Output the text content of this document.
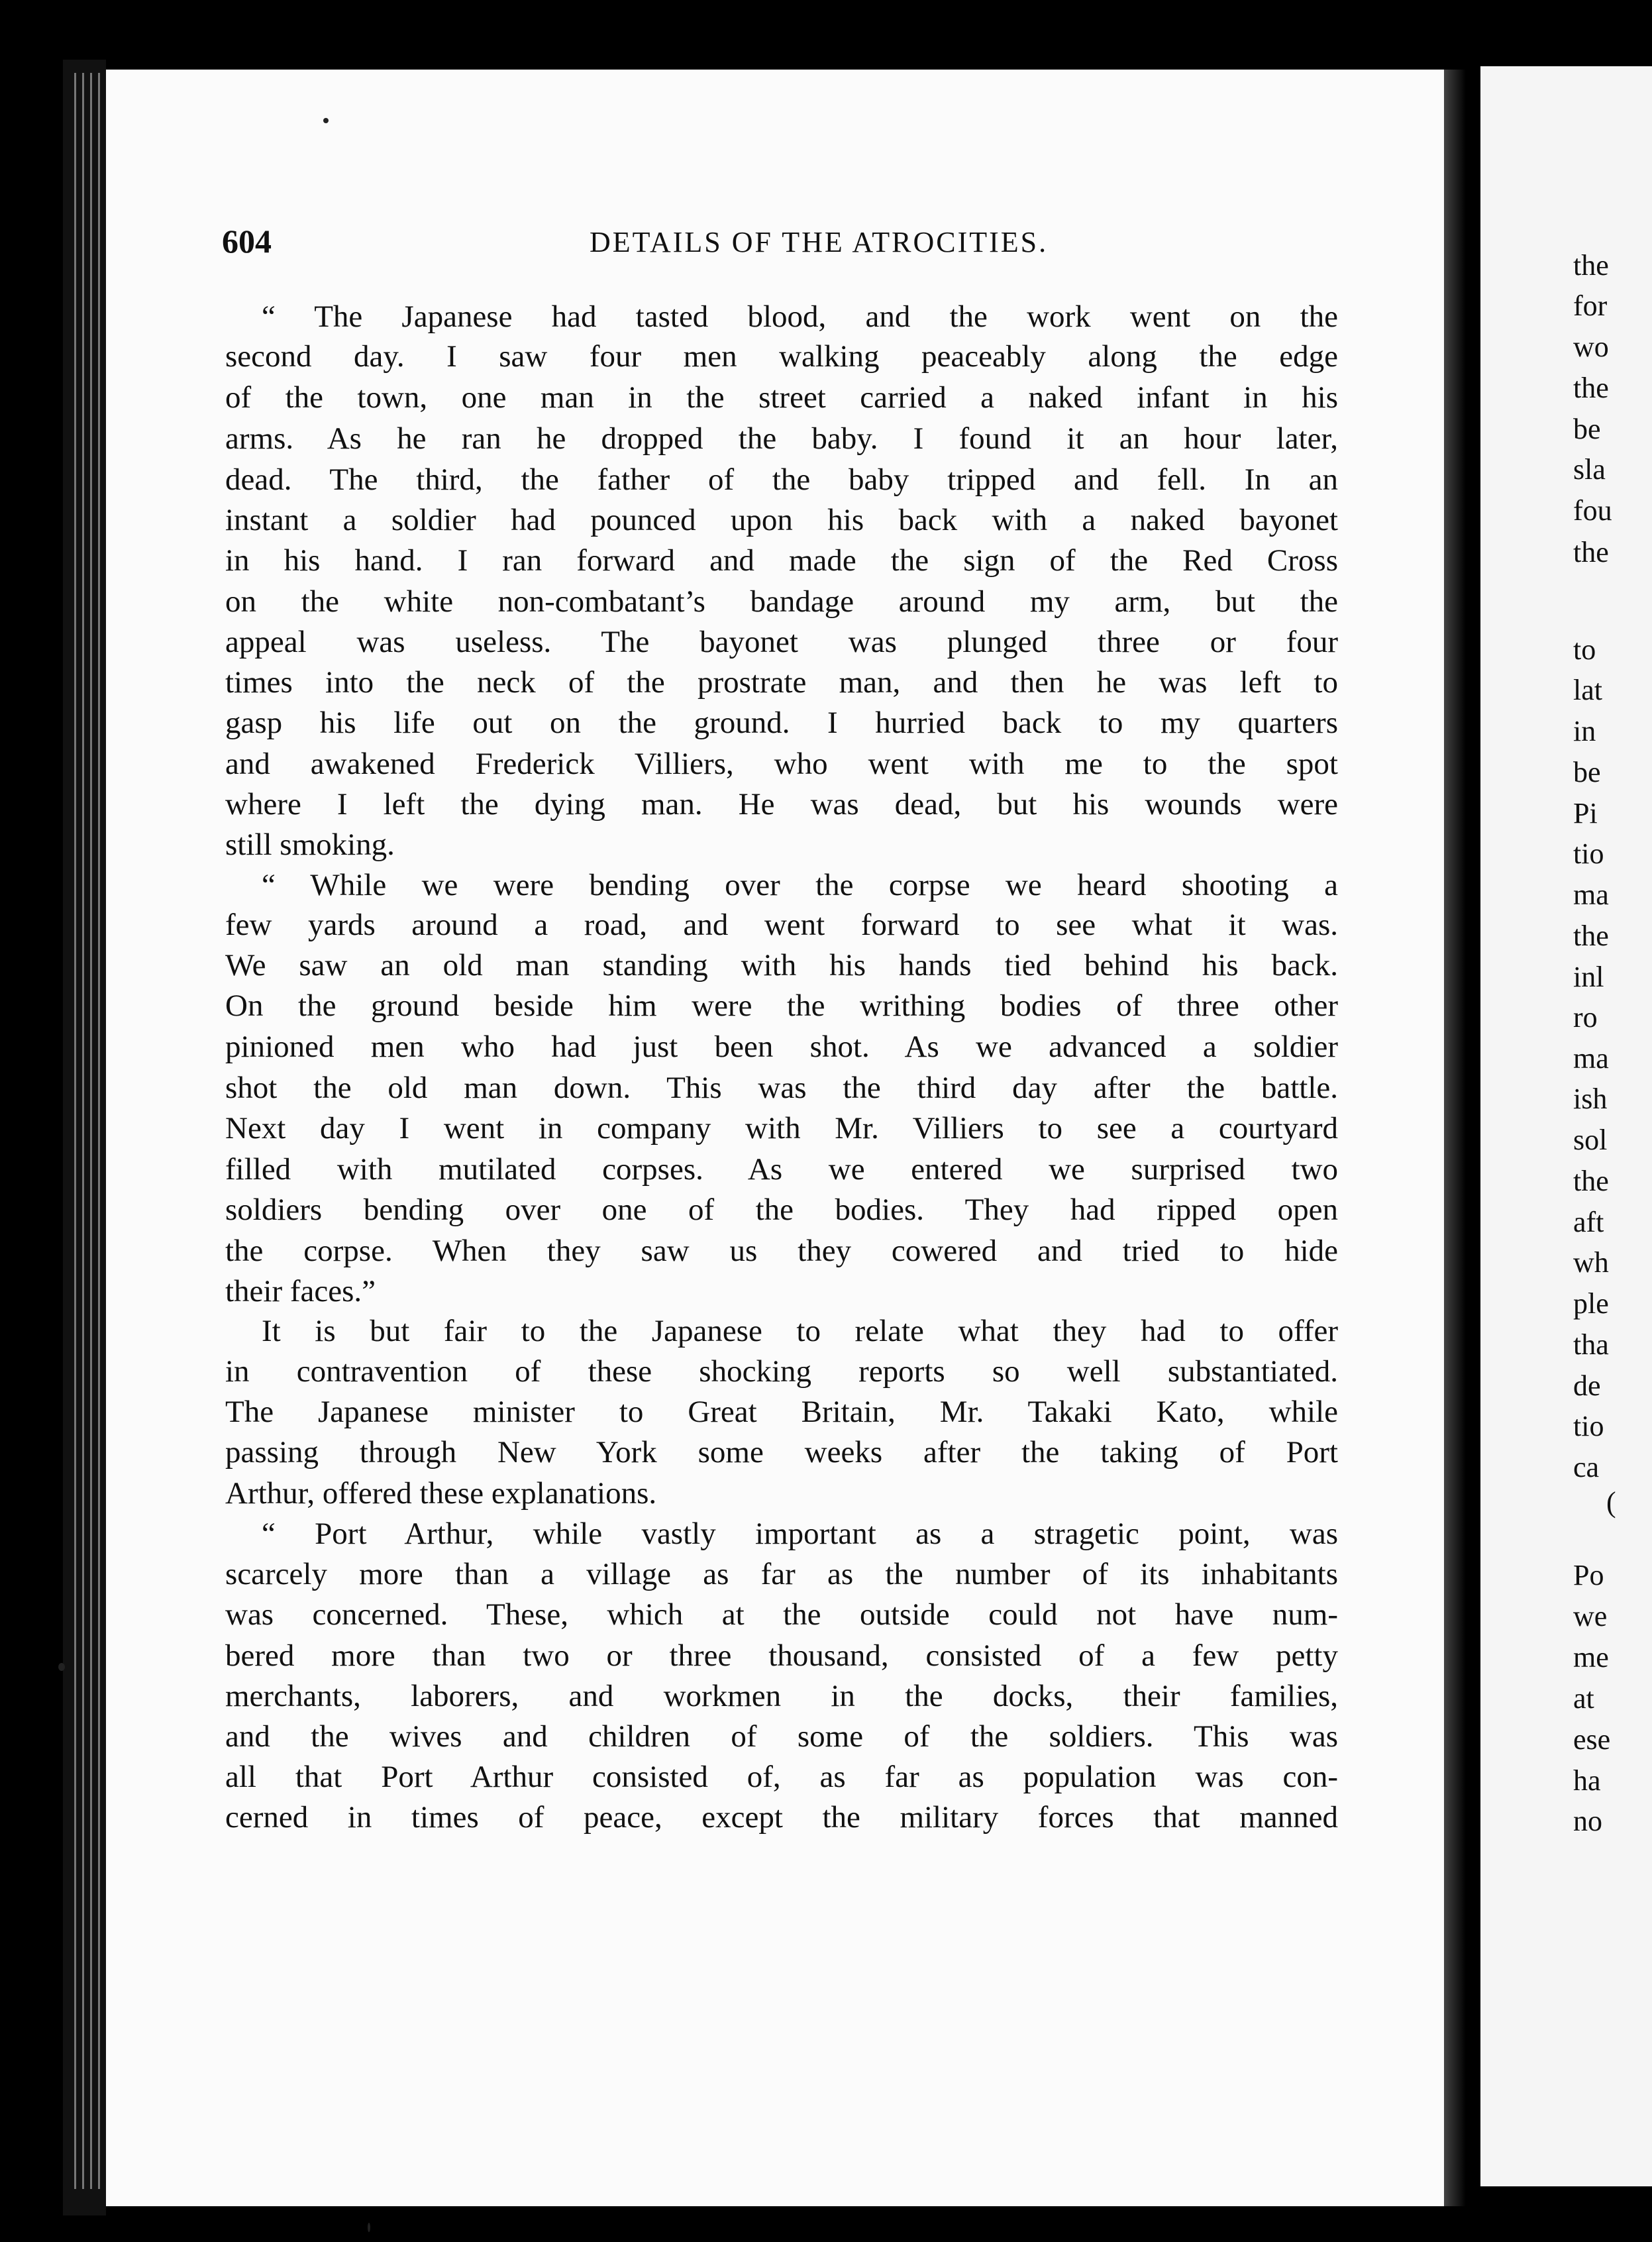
the
for
wo
the
be
sla
fou
the
to
lat
in
be
Pi
tio
ma
the
inl
ro
ma
ish
sol
the
aft
wh
ple
tha
de
tio
ca
(
Po
we
me
at
ese
ha
no
604	DETAILS OF THE ATROCITIES.
“ The Japanese had tasted blood, and the work went on the
second day. I saw four men walking peaceably along the edge
of the town, one man in the street carried a naked infant in his
arms. As he ran he dropped the baby. I found it an hour later,
dead. The third, the father of the baby tripped and fell. In an
instant a soldier had pounced upon his back with a naked bayonet
in his hand. I ran forward and made the sign of the Red Cross
on the white non-combatant’s bandage around my arm, but the
appeal was useless. The bayonet was plunged three or four
times into the neck of the prostrate man, and then he was left to
gasp his life out on the ground. I hurried back to my quarters
and awakened Frederick Villiers, who went with me to the spot
where I left the dying man. He was dead, but his wounds were
still smoking.
“ While we were bending over the corpse we heard shooting a
few yards around a road, and went forward to see what it was.
We saw an old man standing with his hands tied behind his back.
On the ground beside him were the writhing bodies of three other
pinioned men who had just been shot. As we advanced a soldier
shot the old man down. This was the third day after the battle.
Next day I went in company with Mr. Villiers to see a courtyard
filled with mutilated corpses. As we entered we surprised two
soldiers bending over one of the bodies. They had ripped open
the corpse. When they saw us they cowered and tried to hide
their faces.”
It is but fair to the Japanese to relate what they had to offer
in contravention of these shocking reports so well substantiated.
The Japanese minister to Great Britain, Mr. Takaki Kato, while
passing through New York some weeks after the taking of Port
Arthur, offered these explanations.
“ Port Arthur, while vastly important as a stragetic point, was
scarcely more than a village as far as the number of its inhabitants
was concerned. These, which at the outside could not have num-
bered more than two or three thousand, consisted of a few petty
merchants, laborers, and workmen in the docks, their families,
and the wives and children of some of the soldiers. This was
all that Port Arthur consisted of, as far as population was con-
cerned in times of peace, except the military forces that manned
